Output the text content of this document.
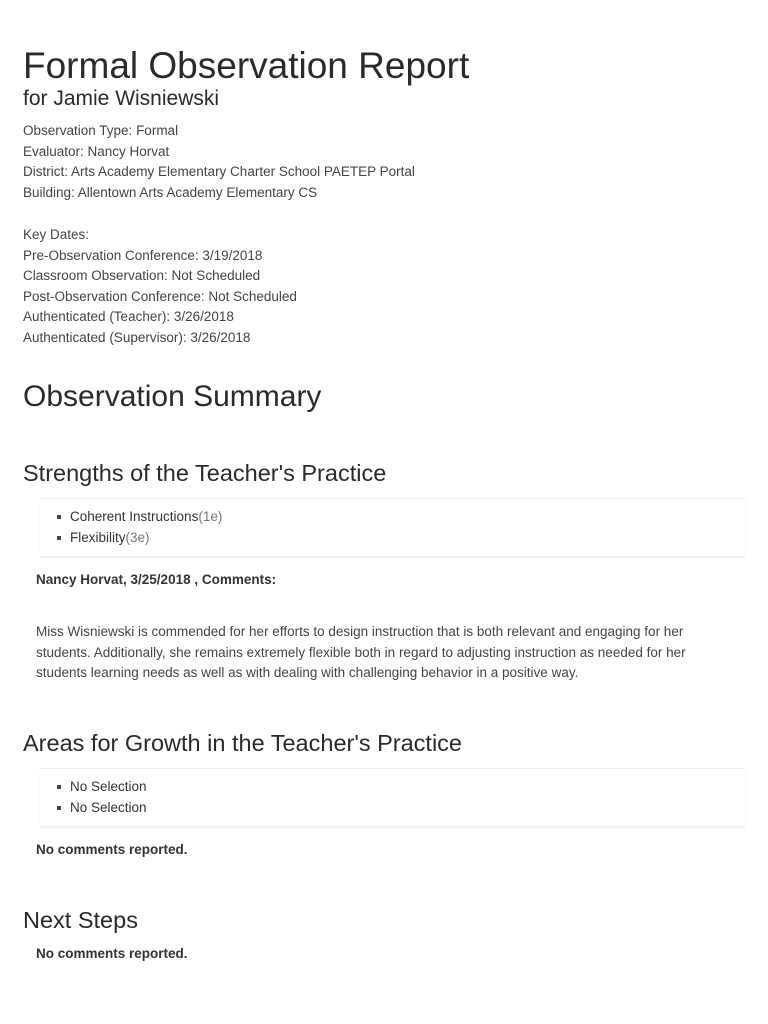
Formal Observation Report
for Jamie Wisniewski
Observation Type: Formal
Evaluator: Nancy Horvat
District: Arts Academy Elementary Charter School PAETEP Portal
Building: Allentown Arts Academy Elementary CS
Key Dates:
Pre-Observation Conference: 3/19/2018
Classroom Observation: Not Scheduled
Post-Observation Conference: Not Scheduled
Authenticated (Teacher): 3/26/2018
Authenticated (Supervisor): 3/26/2018
Observation Summary
Strengths of the Teacher's Practice
Coherent Instructions(1e)
Flexibility(3e)
Nancy Horvat, 3/25/2018 , Comments:
Miss Wisniewski is commended for her efforts to design instruction that is both relevant and engaging for her
students. Additionally, she remains extremely flexible both in regard to adjusting instruction as needed for her
students learning needs as well as with dealing with challenging behavior in a positive way.
Areas for Growth in the Teacher's Practice
No Selection
No Selection
No comments reported.
Next Steps
No comments reported.
